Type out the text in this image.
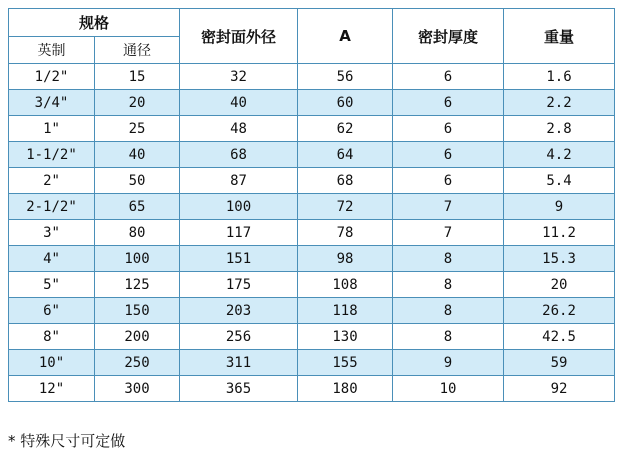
规格		密封面外径	A	密封厚度	重量
英制	通径				
1/2"	15	32	56	6	1.6
3/4"	20	40	60	6	2.2
1"	25	48	62	6	2.8
1-1/2"	40	68	64	6	4.2
2"	50	87	68	6	5.4
2-1/2"	65	100	72	7	9
3"	80	117	78	7	11.2
4"	100	151	98	8	15.3
5"	125	175	108	8	20
6"	150	203	118	8	26.2
8"	200	256	130	8	42.5
10"	250	311	155	9	59
12"	300	365	180	10	92
* 特殊尺寸可定做
